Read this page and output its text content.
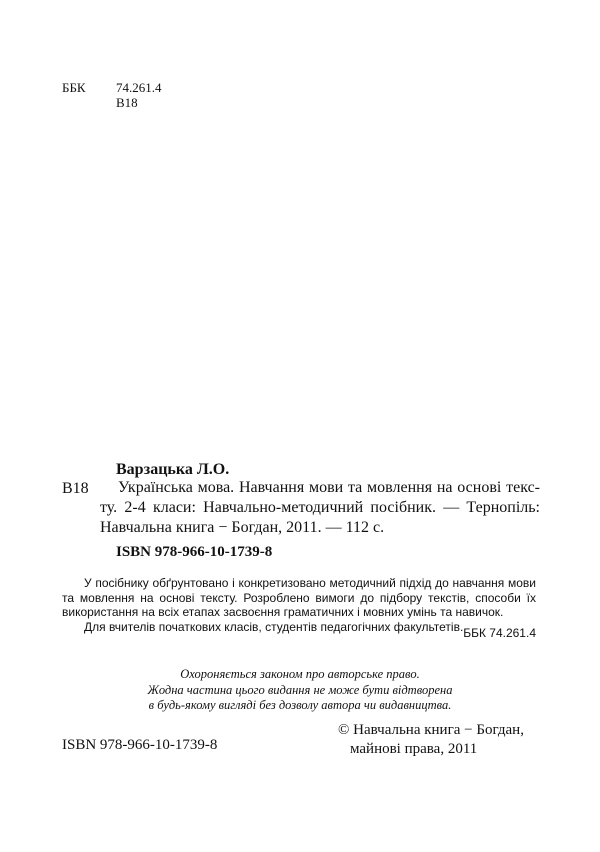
ББК 74.261.4
В18
Варзацька Л.О.
В18	Українська мова. Навчання мови та мовлення на основі текс-
ту. 2-4 класи: Навчально-методичний посібник. — Тернопіль:
Навчальна книга − Богдан, 2011. — 112 с.
ISBN 978-966-10-1739-8
У посібнику обґрунтовано і конкретизовано методичний підхід до навчання мови
та мовлення на основі тексту. Розроблено вимоги до підбору текстів, способи їх
використання на всіх етапах засвоєння граматичних і мовних умінь та навичок.
Для вчителів початкових класів, студентів педагогічних факультетів. ББК 74.261.4
Охороняється законом про авторське право.
Жодна частина цього видання не може бути відтворена
в будь-якому вигляді без дозволу автора чи видавництва.
ISBN 978-966-10-1739-8
© Навчальна книга − Богдан,
майнові права, 2011
